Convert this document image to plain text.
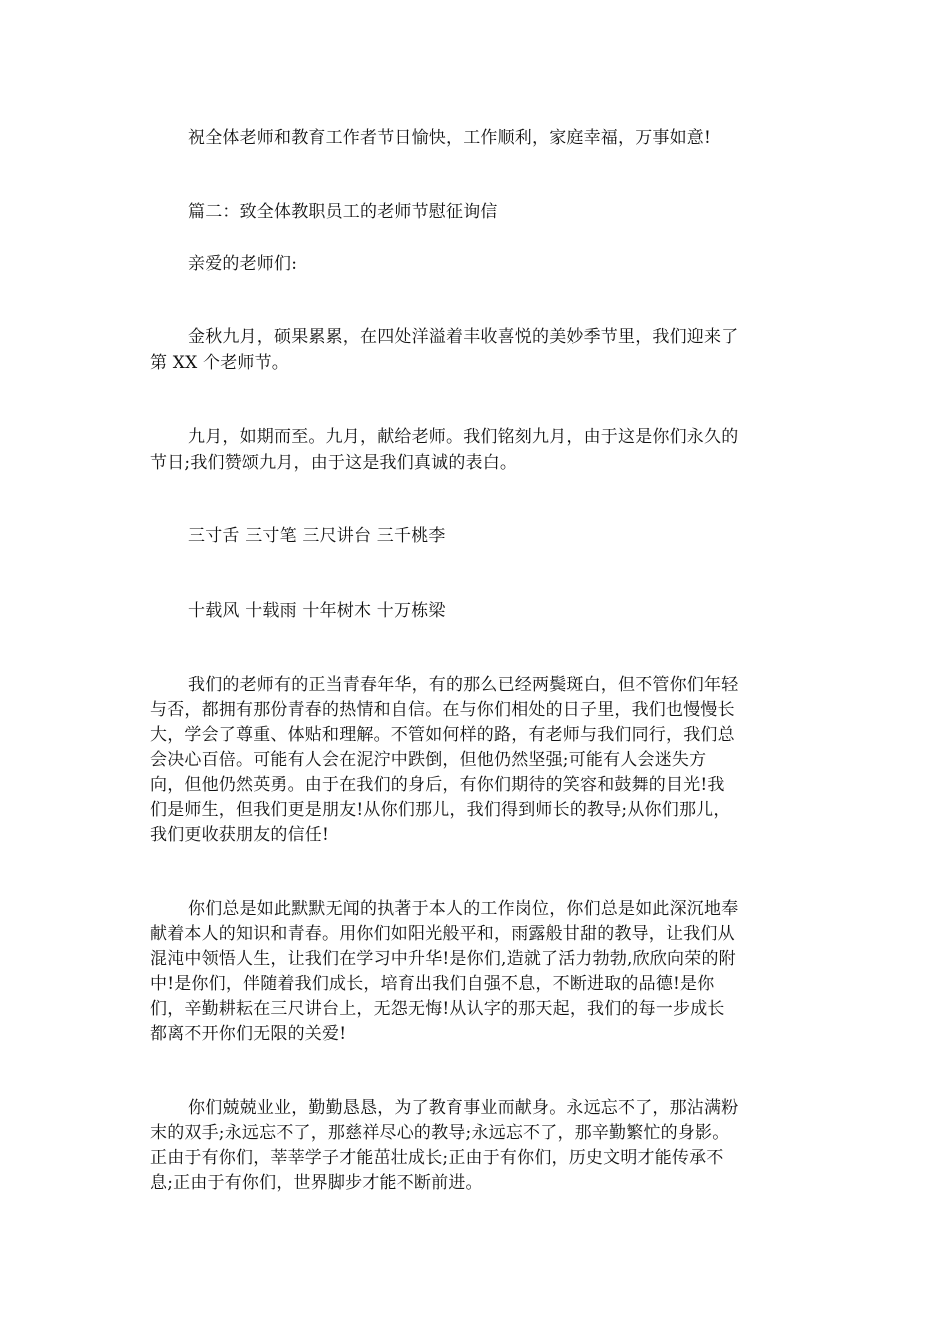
祝全体老师和教育工作者节日愉快，工作顺利，家庭幸福，万事如意!
篇二：致全体教职员工的老师节慰征询信
亲爱的老师们:
金秋九月，硕果累累，在四处洋溢着丰收喜悦的美妙季节里，我们迎来了
第 XX 个老师节。
九月，如期而至。九月，献给老师。我们铭刻九月，由于这是你们永久的
节日;我们赞颂九月，由于这是我们真诚的表白。
三寸舌 三寸笔 三尺讲台 三千桃李
十载风 十载雨 十年树木 十万栋梁
我们的老师有的正当青春年华，有的那么已经两鬓斑白，但不管你们年轻
与否，都拥有那份青春的热情和自信。在与你们相处的日子里，我们也慢慢长
大，学会了尊重、体贴和理解。不管如何样的路，有老师与我们同行，我们总
会决心百倍。可能有人会在泥泞中跌倒，但他仍然坚强;可能有人会迷失方
向，但他仍然英勇。由于在我们的身后，有你们期待的笑容和鼓舞的目光!我
们是师生，但我们更是朋友!从你们那儿，我们得到师长的教导;从你们那儿，
我们更收获朋友的信任!
你们总是如此默默无闻的执著于本人的工作岗位，你们总是如此深沉地奉
献着本人的知识和青春。用你们如阳光般平和，雨露般甘甜的教导，让我们从
混沌中领悟人生，让我们在学习中升华!是你们,造就了活力勃勃,欣欣向荣的附
中!是你们，伴随着我们成长，培育出我们自强不息，不断进取的品德!是你
们，辛勤耕耘在三尺讲台上，无怨无悔!从认字的那天起，我们的每一步成长
都离不开你们无限的关爱!
你们兢兢业业，勤勤恳恳，为了教育事业而献身。永远忘不了，那沾满粉
末的双手;永远忘不了，那慈祥尽心的教导;永远忘不了，那辛勤繁忙的身影。
正由于有你们，莘莘学子才能茁壮成长;正由于有你们，历史文明才能传承不
息;正由于有你们，世界脚步才能不断前进。
